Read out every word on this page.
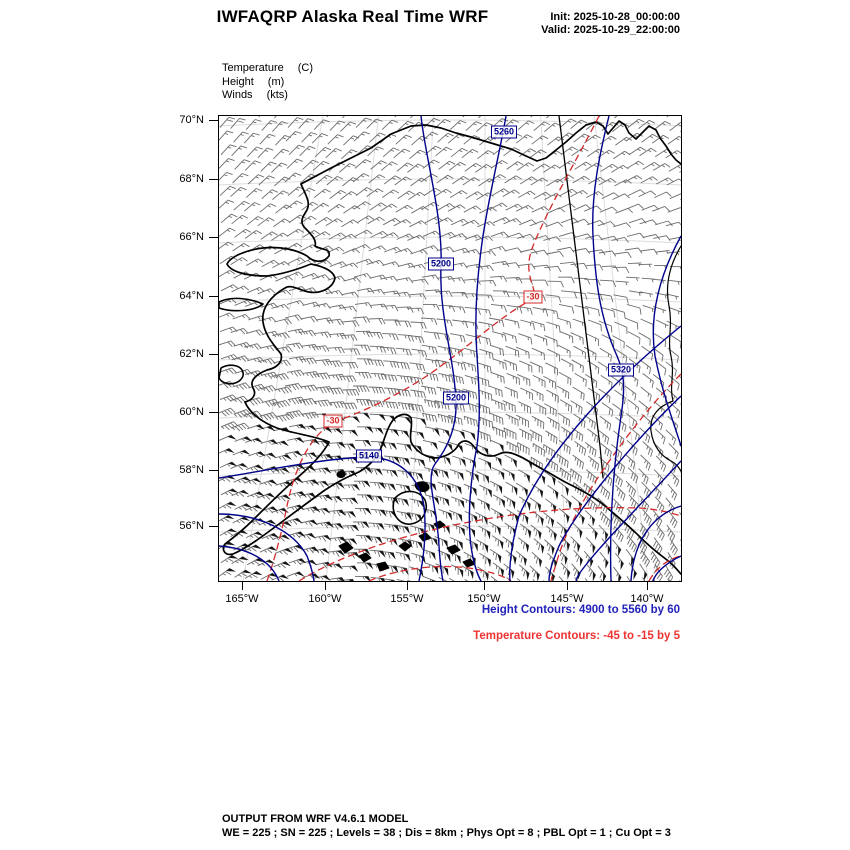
IWFAQRP Alaska Real Time WRF	Init: 2025-10-28_00:00:00
Valid: 2025-10-29_22:00:00
Temperature (C)
Height (m)
Winds (kts)
5260
5200
5320
5200
5140
-30
-30
Height Contours: 4900 to 5560 by 60
Temperature Contours: -45 to -15 by 5
OUTPUT FROM WRF V4.6.1 MODEL
WE = 225 ; SN = 225 ; Levels = 38 ; Dis = 8km ; Phys Opt = 8 ; PBL Opt = 1 ; Cu Opt = 3
70°N
68°N
66°N
64°N
62°N
60°N
58°N
56°N
165°W	160°W	155°W	150°W	145°W	140°W
